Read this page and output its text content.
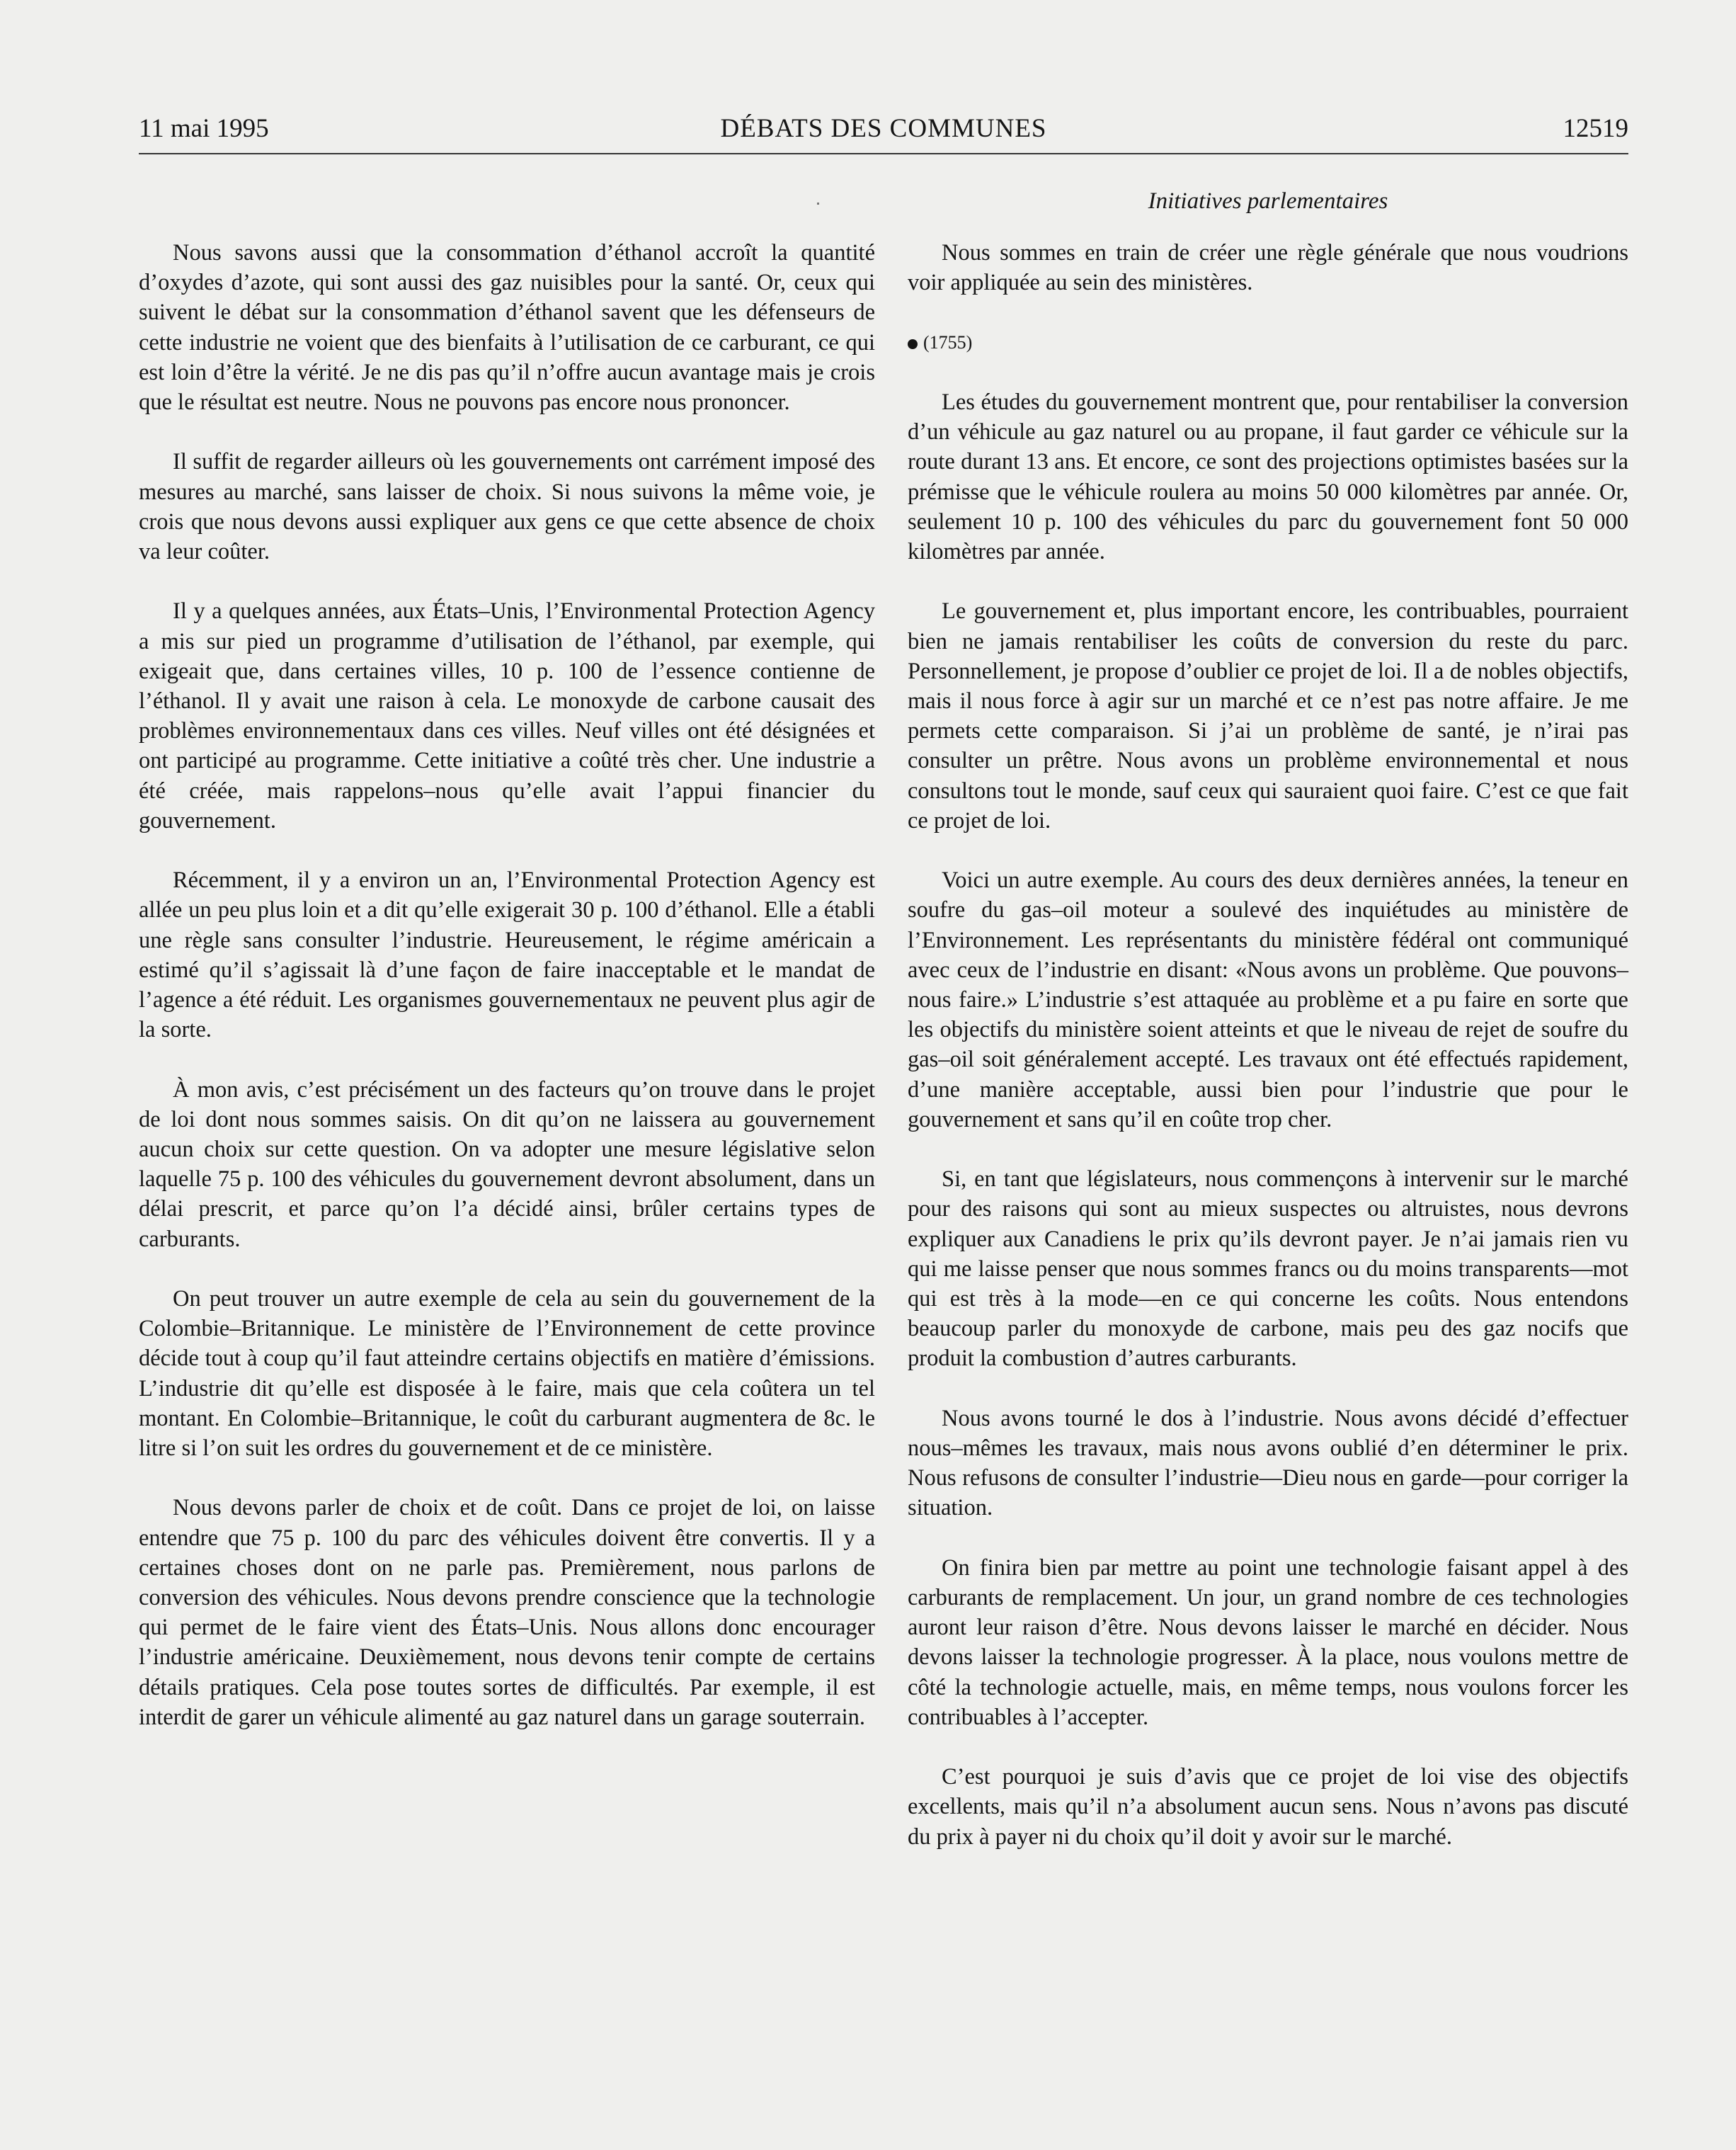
11 mai 1995	DÉBATS DES COMMUNES	12519
Initiatives parlementaires

Nous savons aussi que la consommation d’éthanol accroît la quantité d’oxydes d’azote, qui sont aussi des gaz nuisibles pour la santé. Or, ceux qui suivent le débat sur la consommation d’éthanol savent que les défenseurs de cette industrie ne voient que des bienfaits à l’utilisation de ce carburant, ce qui est loin d’être la vérité. Je ne dis pas qu’il n’offre aucun avantage mais je crois que le résultat est neutre. Nous ne pouvons pas encore nous prononcer.

Il suffit de regarder ailleurs où les gouvernements ont carrément imposé des mesures au marché, sans laisser de choix. Si nous suivons la même voie, je crois que nous devons aussi expliquer aux gens ce que cette absence de choix va leur coûter.

Il y a quelques années, aux États–Unis, l’Environmental Protection Agency a mis sur pied un programme d’utilisation de l’éthanol, par exemple, qui exigeait que, dans certaines villes, 10 p. 100 de l’essence contienne de l’éthanol. Il y avait une raison à cela. Le monoxyde de carbone causait des problèmes environnementaux dans ces villes. Neuf villes ont été désignées et ont participé au programme. Cette initiative a coûté très cher. Une industrie a été créée, mais rappelons–nous qu’elle avait l’appui financier du gouvernement.

Récemment, il y a environ un an, l’Environmental Protection Agency est allée un peu plus loin et a dit qu’elle exigerait 30 p. 100 d’éthanol. Elle a établi une règle sans consulter l’industrie. Heureusement, le régime américain a estimé qu’il s’agissait là d’une façon de faire inacceptable et le mandat de l’agence a été réduit. Les organismes gouvernementaux ne peuvent plus agir de la sorte.

À mon avis, c’est précisément un des facteurs qu’on trouve dans le projet de loi dont nous sommes saisis. On dit qu’on ne laissera au gouvernement aucun choix sur cette question. On va adopter une mesure législative selon laquelle 75 p. 100 des véhicules du gouvernement devront absolument, dans un délai prescrit, et parce qu’on l’a décidé ainsi, brûler certains types de carburants.

On peut trouver un autre exemple de cela au sein du gouvernement de la Colombie–Britannique. Le ministère de l’Environnement de cette province décide tout à coup qu’il faut atteindre certains objectifs en matière d’émissions. L’industrie dit qu’elle est disposée à le faire, mais que cela coûtera un tel montant. En Colombie–Britannique, le coût du carburant augmentera de 8c. le litre si l’on suit les ordres du gouvernement et de ce ministère.

Nous devons parler de choix et de coût. Dans ce projet de loi, on laisse entendre que 75 p. 100 du parc des véhicules doivent être convertis. Il y a certaines choses dont on ne parle pas. Premièrement, nous parlons de conversion des véhicules. Nous devons prendre conscience que la technologie qui permet de le faire vient des États–Unis. Nous allons donc encourager l’industrie américaine. Deuxièmement, nous devons tenir compte de certains détails pratiques. Cela pose toutes sortes de difficultés. Par exemple, il est interdit de garer un véhicule alimenté au gaz naturel dans un garage souterrain.

Nous sommes en train de créer une règle générale que nous voudrions voir appliquée au sein des ministères.

(1755)

Les études du gouvernement montrent que, pour rentabiliser la conversion d’un véhicule au gaz naturel ou au propane, il faut garder ce véhicule sur la route durant 13 ans. Et encore, ce sont des projections optimistes basées sur la prémisse que le véhicule roulera au moins 50 000 kilomètres par année. Or, seulement 10 p. 100 des véhicules du parc du gouvernement font 50 000 kilomètres par année.

Le gouvernement et, plus important encore, les contribuables, pourraient bien ne jamais rentabiliser les coûts de conversion du reste du parc. Personnellement, je propose d’oublier ce projet de loi. Il a de nobles objectifs, mais il nous force à agir sur un marché et ce n’est pas notre affaire. Je me permets cette comparaison. Si j’ai un problème de santé, je n’irai pas consulter un prêtre. Nous avons un problème environnemental et nous consultons tout le monde, sauf ceux qui sauraient quoi faire. C’est ce que fait ce projet de loi.

Voici un autre exemple. Au cours des deux dernières années, la teneur en soufre du gas–oil moteur a soulevé des inquiétudes au ministère de l’Environnement. Les représentants du ministère fédéral ont communiqué avec ceux de l’industrie en disant: «Nous avons un problème. Que pouvons–nous faire.» L’industrie s’est attaquée au problème et a pu faire en sorte que les objectifs du ministère soient atteints et que le niveau de rejet de soufre du gas–oil soit généralement accepté. Les travaux ont été effectués rapidement, d’une manière acceptable, aussi bien pour l’industrie que pour le gouvernement et sans qu’il en coûte trop cher.

Si, en tant que législateurs, nous commençons à intervenir sur le marché pour des raisons qui sont au mieux suspectes ou altruistes, nous devrons expliquer aux Canadiens le prix qu’ils devront payer. Je n’ai jamais rien vu qui me laisse penser que nous sommes francs ou du moins transparents—mot qui est très à la mode—en ce qui concerne les coûts. Nous entendons beaucoup parler du monoxyde de carbone, mais peu des gaz nocifs que produit la combustion d’autres carburants.

Nous avons tourné le dos à l’industrie. Nous avons décidé d’effectuer nous–mêmes les travaux, mais nous avons oublié d’en déterminer le prix. Nous refusons de consulter l’industrie—Dieu nous en garde—pour corriger la situation.

On finira bien par mettre au point une technologie faisant appel à des carburants de remplacement. Un jour, un grand nombre de ces technologies auront leur raison d’être. Nous devons laisser le marché en décider. Nous devons laisser la technologie progresser. À la place, nous voulons mettre de côté la technologie actuelle, mais, en même temps, nous voulons forcer les contribuables à l’accepter.

C’est pourquoi je suis d’avis que ce projet de loi vise des objectifs excellents, mais qu’il n’a absolument aucun sens. Nous n’avons pas discuté du prix à payer ni du choix qu’il doit y avoir sur le marché.
